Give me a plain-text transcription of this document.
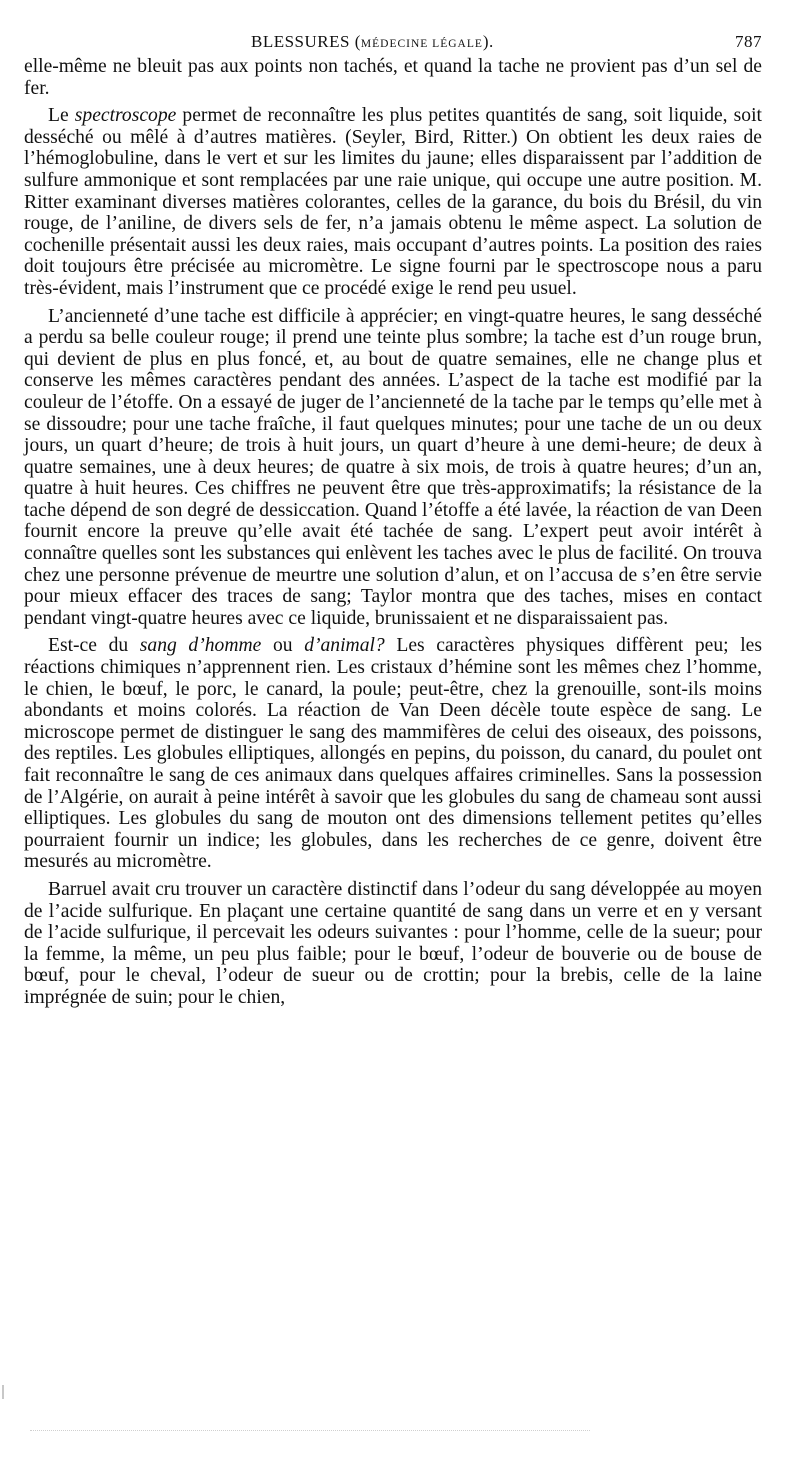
BLESSURES (MÉDECINE LÉGALE).	787

elle-même ne bleuit pas aux points non tachés, et quand la tache ne provient pas d’un sel de fer.

Le spectroscope permet de reconnaître les plus petites quantités de sang, soit liquide, soit desséché ou mêlé à d’autres matières. (Seyler, Bird, Ritter.) On obtient les deux raies de l’hémoglobuline, dans le vert et sur les limites du jaune; elles disparaissent par l’addition de sulfure ammonique et sont remplacées par une raie unique, qui occupe une autre position. M. Ritter examinant diverses matières colorantes, celles de la garance, du bois du Brésil, du vin rouge, de l’aniline, de divers sels de fer, n’a jamais obtenu le même aspect. La solution de cochenille présentait aussi les deux raies, mais occupant d’autres points. La position des raies doit toujours être précisée au micromètre. Le signe fourni par le spectroscope nous a paru très-évident, mais l’instrument que ce procédé exige le rend peu usuel.

L’ancienneté d’une tache est difficile à apprécier; en vingt-quatre heures, le sang desséché a perdu sa belle couleur rouge; il prend une teinte plus sombre; la tache est d’un rouge brun, qui devient de plus en plus foncé, et, au bout de quatre semaines, elle ne change plus et conserve les mêmes caractères pendant des années. L’aspect de la tache est modifié par la couleur de l’étoffe. On a essayé de juger de l’ancienneté de la tache par le temps qu’elle met à se dissoudre; pour une tache fraîche, il faut quelques minutes; pour une tache de un ou deux jours, un quart d’heure; de trois à huit jours, un quart d’heure à une demi-heure; de deux à quatre semaines, une à deux heures; de quatre à six mois, de trois à quatre heures; d’un an, quatre à huit heures. Ces chiffres ne peuvent être que très-approximatifs; la résistance de la tache dépend de son degré de dessiccation. Quand l’étoffe a été lavée, la réaction de van Deen fournit encore la preuve qu’elle avait été tachée de sang. L’expert peut avoir intérêt à connaître quelles sont les substances qui enlèvent les taches avec le plus de facilité. On trouva chez une personne prévenue de meurtre une solution d’alun, et on l’accusa de s’en être servie pour mieux effacer des traces de sang; Taylor montra que des taches, mises en contact pendant vingt-quatre heures avec ce liquide, brunissaient et ne disparaissaient pas.

Est-ce du sang d’homme ou d’animal? Les caractères physiques diffèrent peu; les réactions chimiques n’apprennent rien. Les cristaux d’hémine sont les mêmes chez l’homme, le chien, le bœuf, le porc, le canard, la poule; peut-être, chez la grenouille, sont-ils moins abondants et moins colorés. La réaction de Van Deen décèle toute espèce de sang. Le microscope permet de distinguer le sang des mammifères de celui des oiseaux, des poissons, des reptiles. Les globules elliptiques, allongés en pepins, du poisson, du canard, du poulet ont fait reconnaître le sang de ces animaux dans quelques affaires criminelles. Sans la possession de l’Algérie, on aurait à peine intérêt à savoir que les globules du sang de chameau sont aussi elliptiques. Les globules du sang de mouton ont des dimensions tellement petites qu’elles pourraient fournir un indice; les globules, dans les recherches de ce genre, doivent être mesurés au micromètre.

Barruel avait cru trouver un caractère distinctif dans l’odeur du sang développée au moyen de l’acide sulfurique. En plaçant une certaine quantité de sang dans un verre et en y versant de l’acide sulfurique, il percevait les odeurs suivantes : pour l’homme, celle de la sueur; pour la femme, la même, un peu plus faible; pour le bœuf, l’odeur de bouverie ou de bouse de bœuf, pour le cheval, l’odeur de sueur ou de crottin; pour la brebis, celle de la laine imprégnée de suin; pour le chien,
